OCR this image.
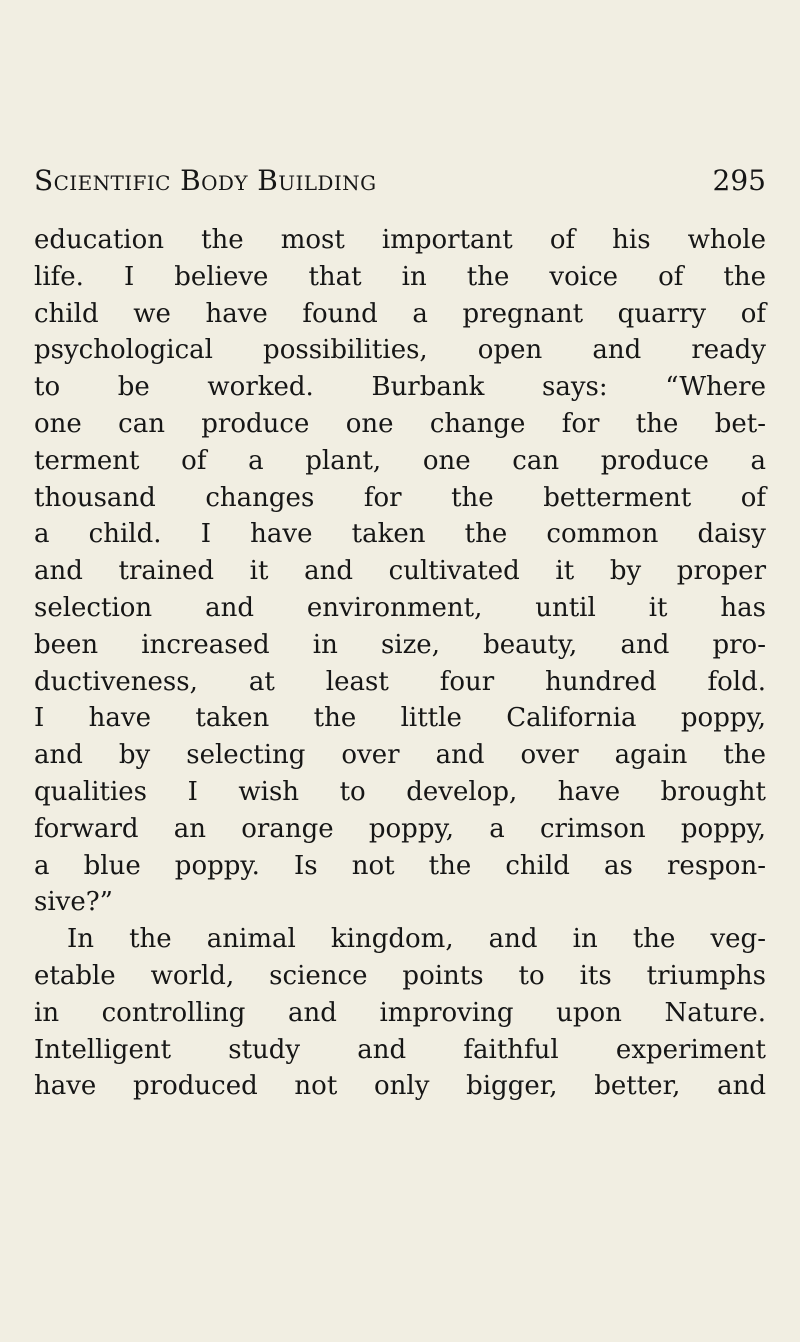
Scientific Body Building	295
education the most important of his whole
life. I believe that in the voice of the
child we have found a pregnant quarry of
psychological possibilities, open and ready
to be worked. Burbank says: “Where
one can produce one change for the bet-
terment of a plant, one can produce a
thousand changes for the betterment of
a child. I have taken the common daisy
and trained it and cultivated it by proper
selection and environment, until it has
been increased in size, beauty, and pro-
ductiveness, at least four hundred fold.
I have taken the little California poppy,
and by selecting over and over again the
qualities I wish to develop, have brought
forward an orange poppy, a crimson poppy,
a blue poppy. Is not the child as respon-
sive?”
In the animal kingdom, and in the veg-
etable world, science points to its triumphs
in controlling and improving upon Nature.
Intelligent study and faithful experiment
have produced not only bigger, better, and
